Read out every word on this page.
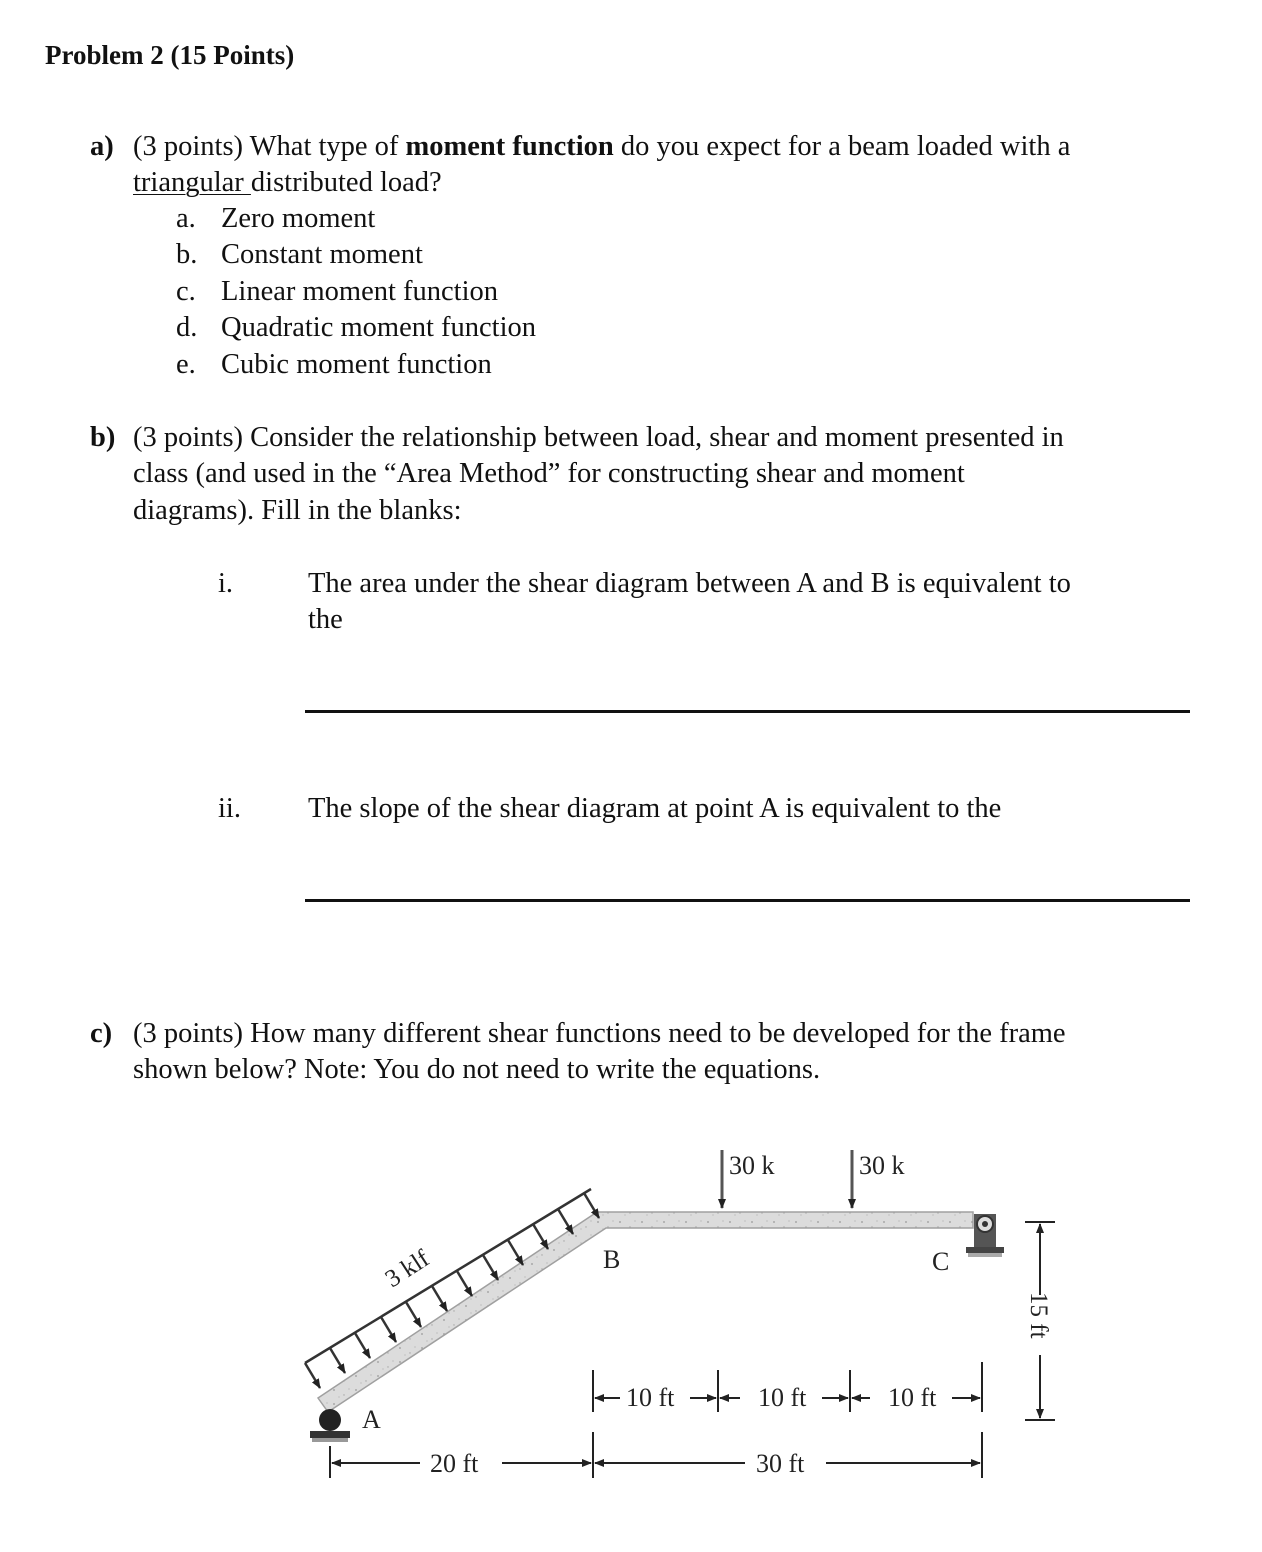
Problem 2 (15 Points)
a) (3 points) What type of moment function do you expect for a beam loaded with a
triangular distributed load?
a. Zero moment
b. Constant moment
c. Linear moment function
d. Quadratic moment function
e. Cubic moment function
b) (3 points) Consider the relationship between load, shear and moment presented in
class (and used in the “Area Method” for constructing shear and moment
diagrams). Fill in the blanks:
i.	The area under the shear diagram between A and B is equivalent to
the
ii. The slope of the shear diagram at point A is equivalent to the
c) (3 points) How many different shear functions need to be developed for the frame
shown below? Note: You do not need to write the equations.
3 klf
30 k	30 k
A
B	C
15 ft
10 ft	10 ft	10 ft
20 ft	30 ft
